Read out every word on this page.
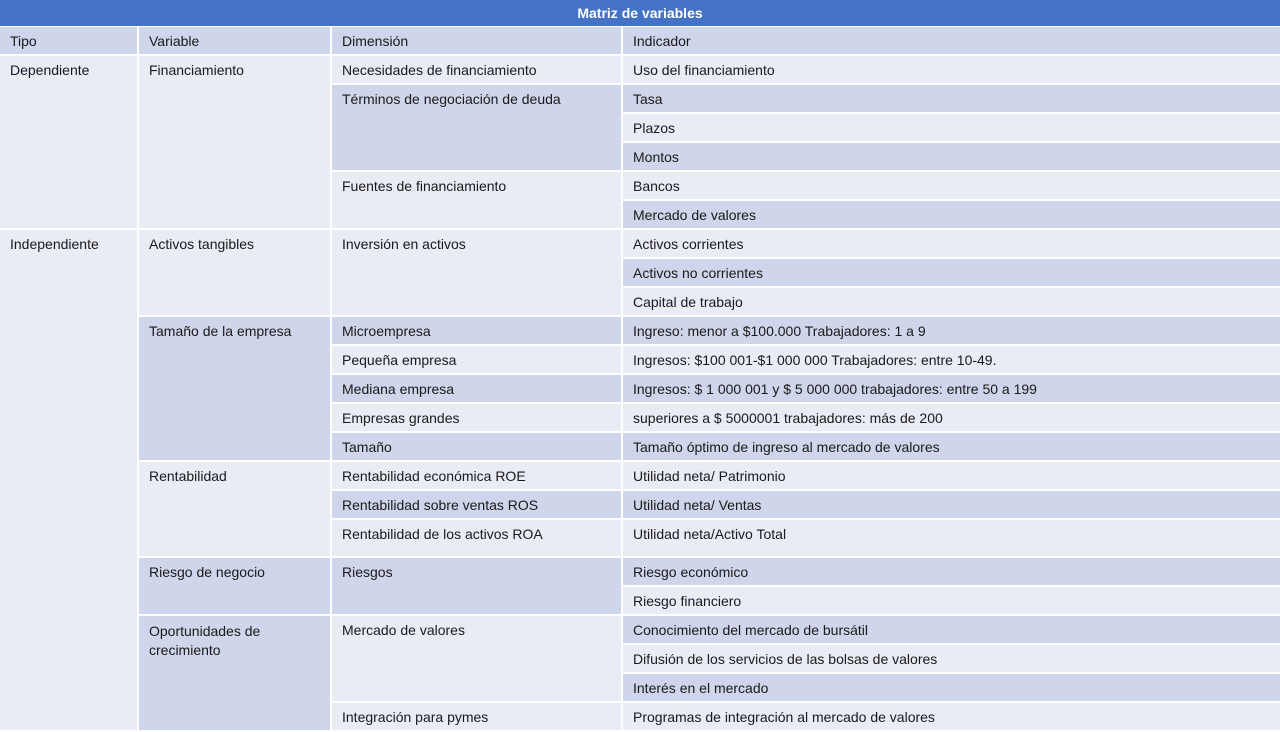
Matriz de variables
Tipo	Variable	Dimensión	Indicador
Dependiente	Financiamiento	Necesidades de financiamiento	Uso del financiamiento
		Términos de negociación de deuda	Tasa
			Plazos
			Montos
		Fuentes de financiamiento	Bancos
			Mercado de valores
Independiente	Activos tangibles	Inversión en activos	Activos corrientes
			Activos no corrientes
			Capital de trabajo
	Tamaño de la empresa	Microempresa	Ingreso: menor a $100.000 Trabajadores: 1 a 9
		Pequeña empresa	Ingresos: $100 001-$1 000 000 Trabajadores: entre 10-49.
		Mediana empresa	Ingresos: $ 1 000 001 y $ 5 000 000 trabajadores: entre 50 a 199
		Empresas grandes	superiores a $ 5000001 trabajadores: más de 200
		Tamaño	Tamaño óptimo de ingreso al mercado de valores
	Rentabilidad	Rentabilidad económica ROE	Utilidad neta/ Patrimonio
		Rentabilidad sobre ventas ROS	Utilidad neta/ Ventas
		Rentabilidad de los activos ROA	Utilidad neta/Activo Total
	Riesgo de negocio	Riesgos	Riesgo económico
			Riesgo financiero
	Oportunidades de crecimiento	Mercado de valores	Conocimiento del mercado de bursátil
			Difusión de los servicios de las bolsas de valores
			Interés en el mercado
		Integración para pymes	Programas de integración al mercado de valores
